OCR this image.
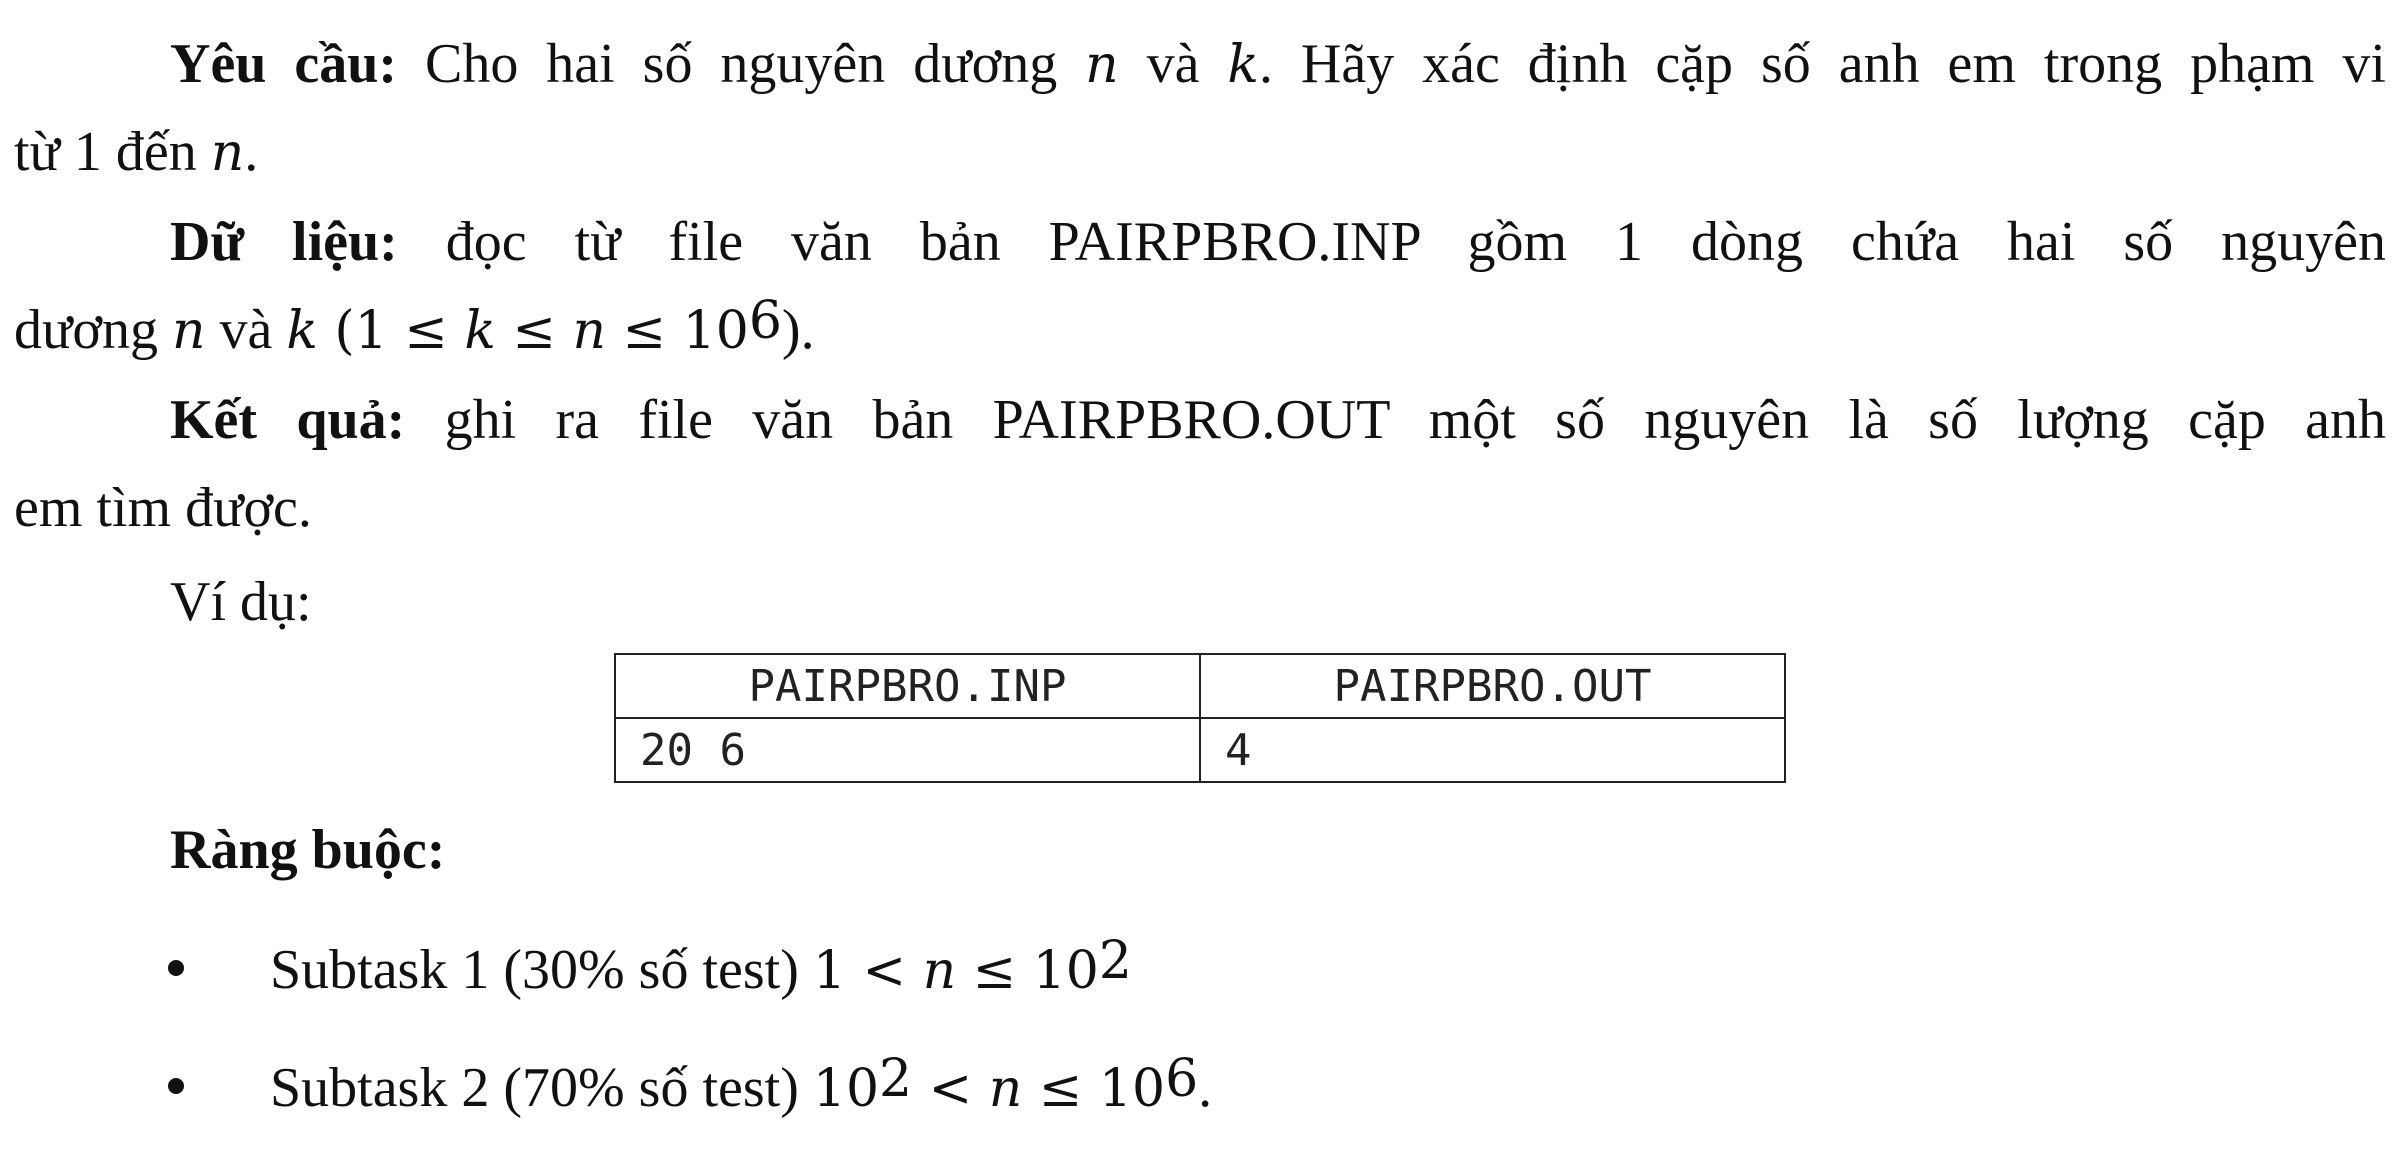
Yêu cầu: Cho hai số nguyên dương n và k. Hãy xác định cặp số anh em trong phạm vi
từ 1 đến n.
Dữ liệu: đọc từ file văn bản PAIRPBRO.INP gồm 1 dòng chứa hai số nguyên
dương n và k $(1 \le k \le n \le 10^6)$.
Kết quả: ghi ra file văn bản PAIRPBRO.OUT một số nguyên là số lượng cặp anh
em tìm được.
Ví dụ:
PAIRPBRO.INP	PAIRPBRO.OUT
20 6	4
Ràng buộc:
Subtask 1 (30% số test) $1 < n \le 10^2$
Subtask 2 (70% số test) $10^2 < n \le 10^6$.
